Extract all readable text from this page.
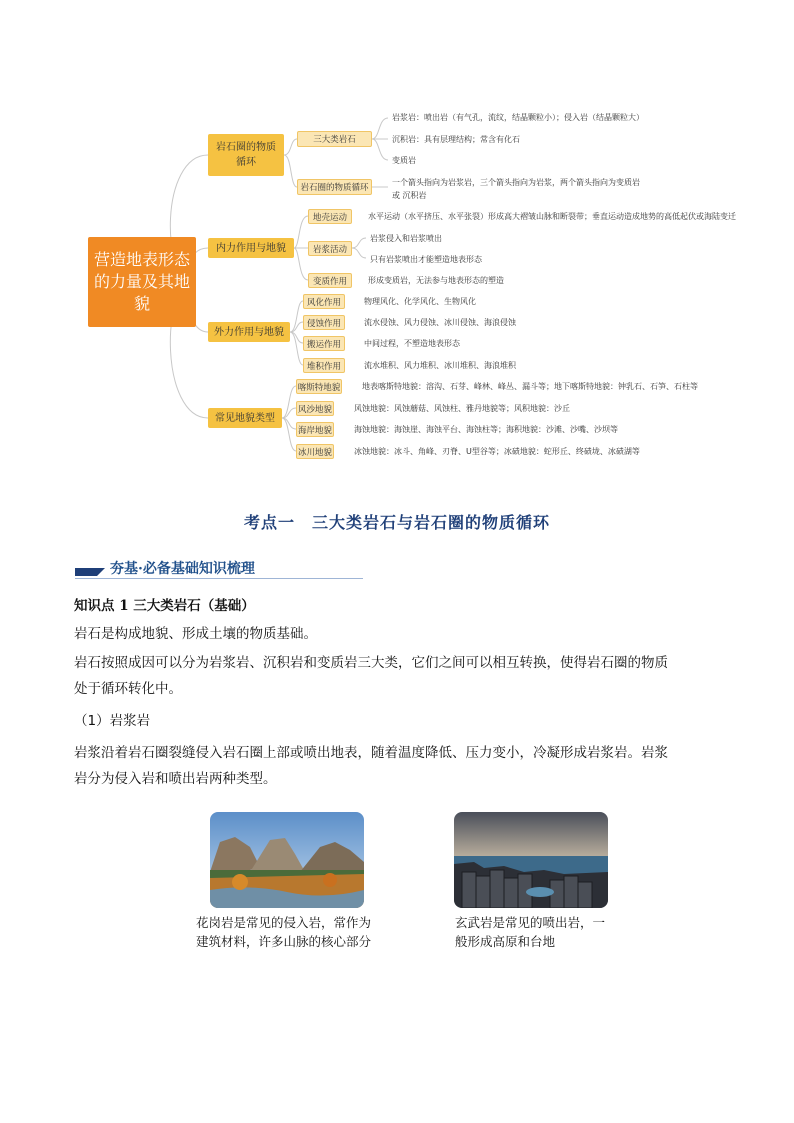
营造地表形态的力量及其地貌
岩石圈的物质循环
内力作用与地貌
外力作用与地貌
常见地貌类型
三大类岩石
岩石圈的物质循环
岩浆岩：喷出岩（有气孔，流纹，结晶颗粒小）；侵入岩（结晶颗粒大）
沉积岩：具有层理结构；常含有化石
变质岩
一个箭头指向为岩浆岩，三个箭头指向为岩浆，两个箭头指向为变质岩
或 沉积岩
地壳运动
岩浆活动
变质作用
水平运动（水平挤压、水平张裂）形成高大褶皱山脉和断裂带；垂直运动造成地势的高低起伏或海陆变迁
岩浆侵入和岩浆喷出
只有岩浆喷出才能塑造地表形态
形成变质岩，无法参与地表形态的塑造
风化作用
侵蚀作用
搬运作用
堆积作用
物理风化、化学风化、生物风化
流水侵蚀、风力侵蚀、冰川侵蚀、海浪侵蚀
中间过程，不塑造地表形态
流水堆积、风力堆积、冰川堆积、海浪堆积
喀斯特地貌
风沙地貌
海岸地貌
冰川地貌
地表喀斯特地貌：溶沟、石芽、峰林、峰丛、漏斗等；地下喀斯特地貌：钟乳石、石笋、石柱等
风蚀地貌：风蚀蘑菇、风蚀柱、雅丹地貌等；风积地貌：沙丘
海蚀地貌：海蚀崖、海蚀平台、海蚀柱等；海积地貌：沙滩、沙嘴、沙坝等
冰蚀地貌：冰斗、角峰、刃脊、U型谷等；冰碛地貌：蛇形丘、终碛垅、冰碛湖等
考点一　三大类岩石与岩石圈的物质循环
夯基·必备基础知识梳理
知识点 1 三大类岩石（基础）
岩石是构成地貌、形成土壤的物质基础。
岩石按照成因可以分为岩浆岩、沉积岩和变质岩三大类，它们之间可以相互转换，使得岩石圈的物质
处于循环转化中。
（1）岩浆岩
岩浆沿着岩石圈裂缝侵入岩石圈上部或喷出地表，随着温度降低、压力变小，冷凝形成岩浆岩。岩浆
岩分为侵入岩和喷出岩两种类型。
花岗岩是常见的侵入岩，常作为
建筑材料，许多山脉的核心部分
玄武岩是常见的喷出岩，一
般形成高原和台地
